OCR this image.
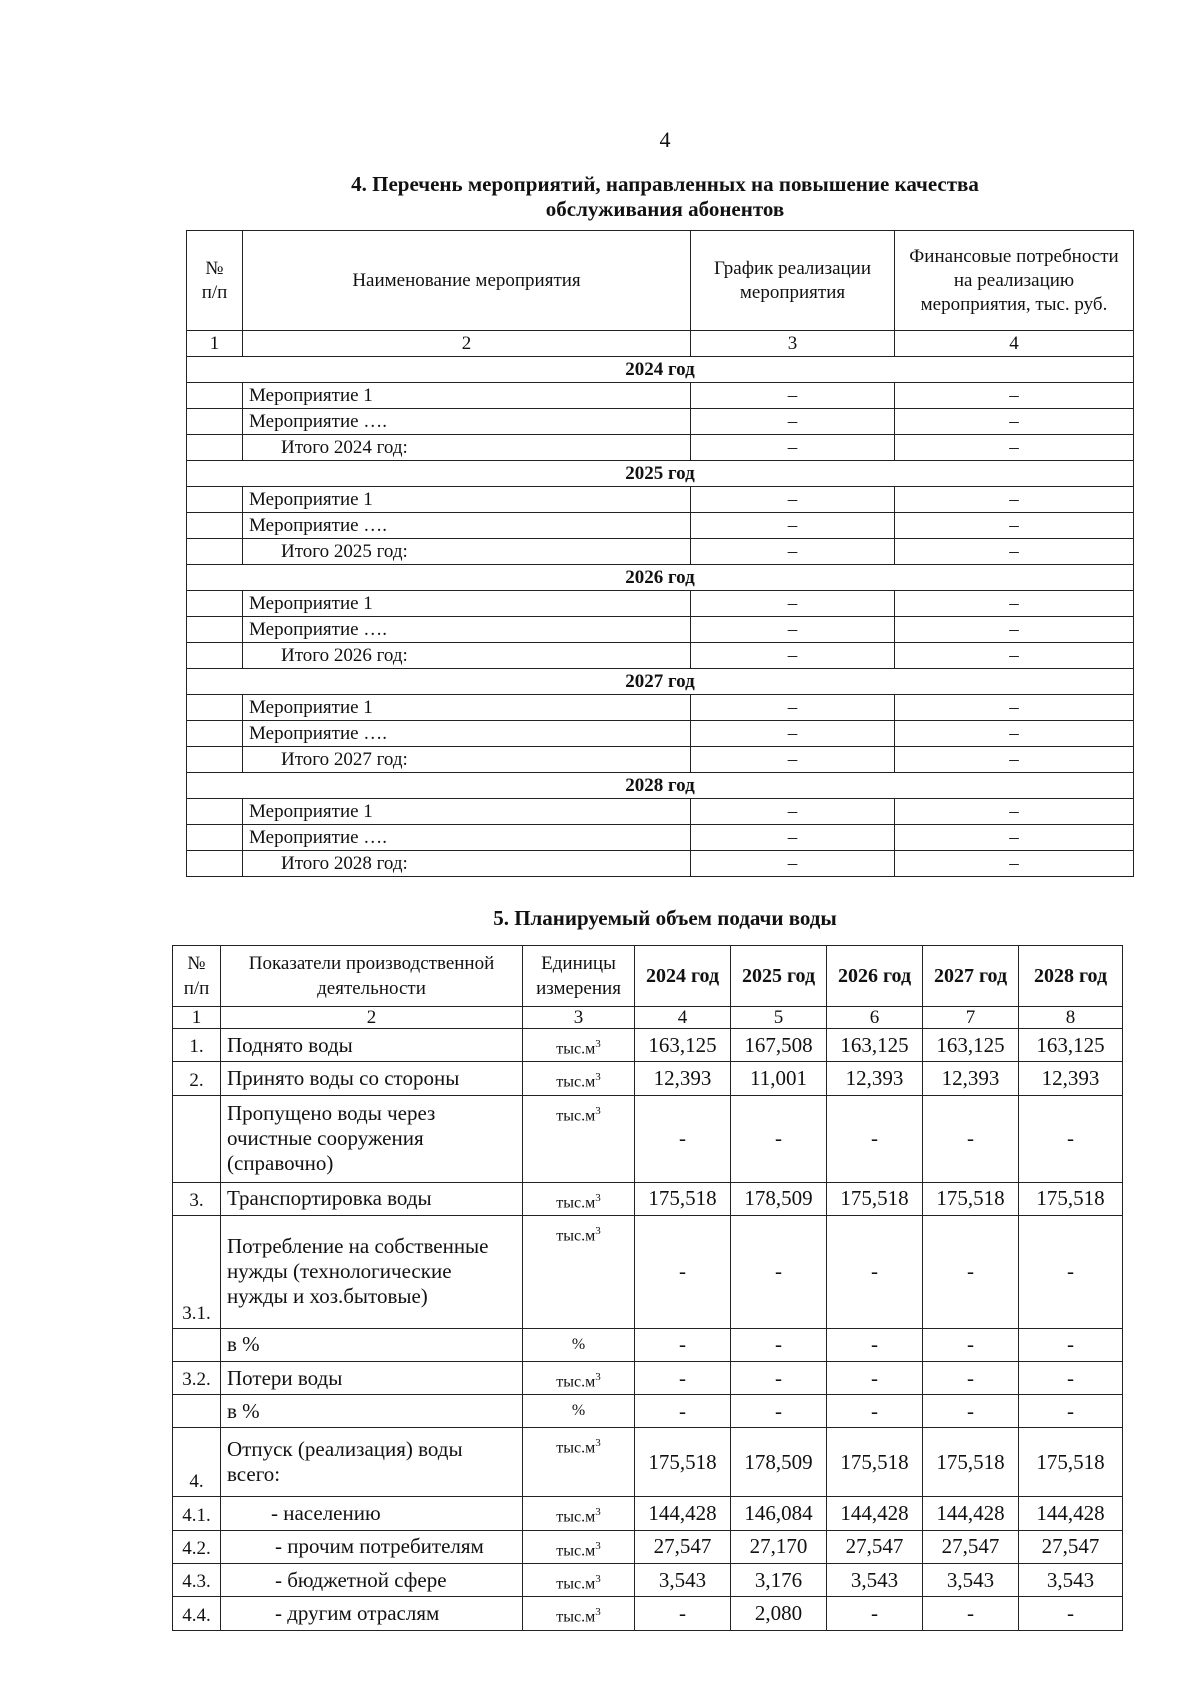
4
4. Перечень мероприятий, направленных на повышение качества
обслуживания абонентов
№
п/п	Наименование мероприятия	График реализации мероприятия	Финансовые потребности на реализацию мероприятия, тыс. руб.
1	2	3	4
2024 год			
	Мероприятие 1	–	–
	Мероприятие ….	–	–
	Итого 2024 год:	–	–
2025 год			
	Мероприятие 1	–	–
	Мероприятие ….	–	–
	Итого 2025 год:	–	–
2026 год			
	Мероприятие 1	–	–
	Мероприятие ….	–	–
	Итого 2026 год:	–	–
2027 год			
	Мероприятие 1	–	–
	Мероприятие ….	–	–
	Итого 2027 год:	–	–
2028 год			
	Мероприятие 1	–	–
	Мероприятие ….	–	–
	Итого 2028 год:	–	–
5. Планируемый объем подачи воды
№
п/п	Показатели производственной деятельности	Единицы измерения	2024 год	2025 год	2026 год	2027 год	2028 год
1	2	3	4	5	6	7	8
1.	Поднято воды	$тыс.м^3$	163,125	167,508	163,125	163,125	163,125
2.	Принято воды со стороны	$тыс.м^3$	12,393	11,001	12,393	12,393	12,393
	Пропущено воды через очистные сооружения (справочно)	$тыс.м^3$	-	-	-	-	-
3.	Транспортировка воды	$тыс.м^3$	175,518	178,509	175,518	175,518	175,518
3.1.	Потребление на собственные нужды (технологические нужды и хоз.бытовые)	$тыс.м^3$	-	-	-	-	-
	в %	%	-	-	-	-	-
3.2.	Потери воды	$тыс.м^3$	-	-	-	-	-
	в %	%	-	-	-	-	-
4.	Отпуск (реализация) воды всего:	$тыс.м^3$	175,518	178,509	175,518	175,518	175,518
4.1.	- населению	$тыс.м^3$	144,428	146,084	144,428	144,428	144,428
4.2.	- прочим потребителям	$тыс.м^3$	27,547	27,170	27,547	27,547	27,547
4.3.	- бюджетной сфере	$тыс.м^3$	3,543	3,176	3,543	3,543	3,543
4.4.	- другим отраслям	$тыс.м^3$	-	2,080	-	-	-
